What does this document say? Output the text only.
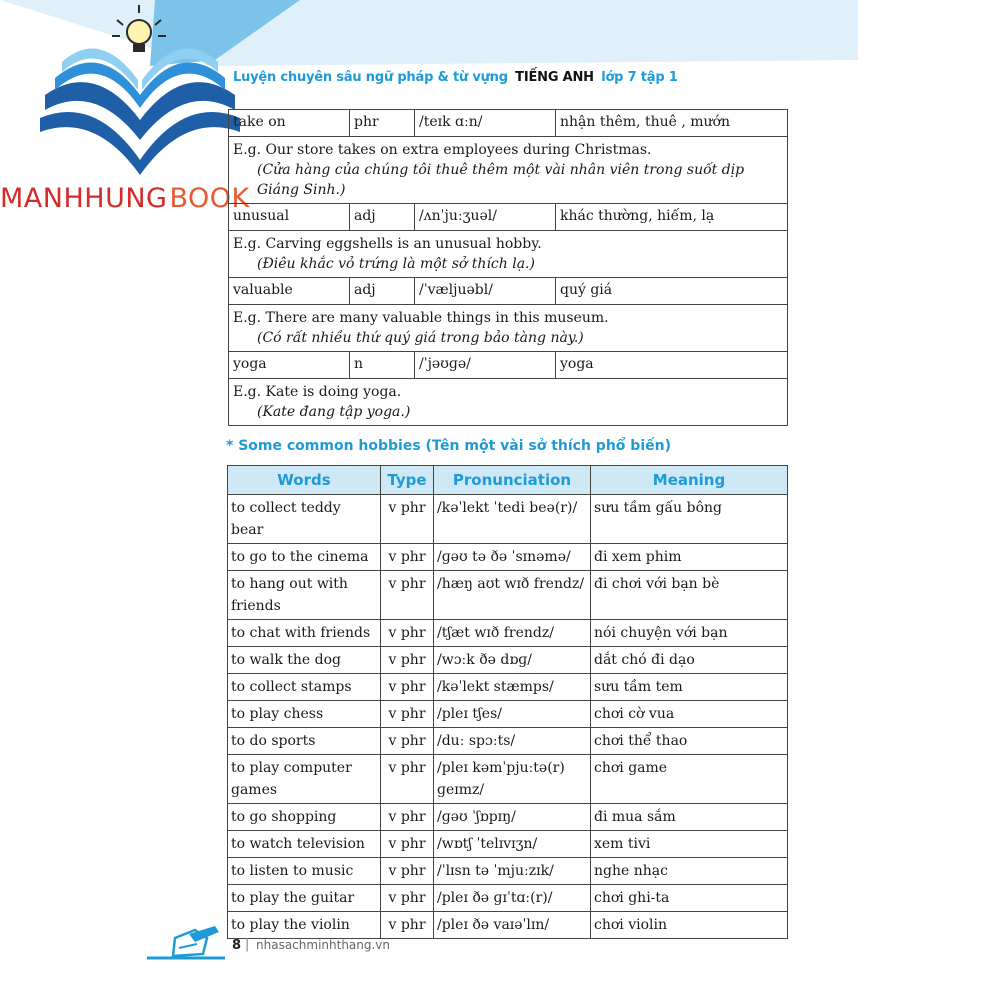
MANHHUNGBOOK
Luyện chuyên sâu ngữ pháp & từ vựng TIẾNG ANH lớp 7 tập 1
take on	phr	/teɪk ɑːn/	nhận thêm, thuê , mướn
E.g. Our store takes on extra employees during Christmas.
(Cửa hàng của chúng tôi thuê thêm một vài nhân viên trong suốt dịp Giáng Sinh.)			

unusual	adj	/ʌnˈjuːʒuəl/	khác thường, hiếm, lạ
E.g. Carving eggshells is an unusual hobby.
(Điêu khắc vỏ trứng là một sở thích lạ.)			

valuable	adj	/ˈvæljuəbl/	quý giá
E.g. There are many valuable things in this museum.
(Có rất nhiều thứ quý giá trong bảo tàng này.)			

yoga	n	/ˈjəʊɡə/	yoga
E.g. Kate is doing yoga.
(Kate đang tập yoga.)			
* Some common hobbies (Tên một vài sở thích phổ biến)
Words	Type	Pronunciation	Meaning
to collect teddy bear	v phr	/kəˈlekt ˈtedi beə(r)/	sưu tầm gấu bông
to go to the cinema	v phr	/ɡəʊ tə ðə ˈsɪnəmə/	đi xem phim
to hang out with friends	v phr	/hæŋ aʊt wɪð frendz/	đi chơi với bạn bè
to chat with friends	v phr	/tʃæt wɪð frendz/	nói chuyện với bạn
to walk the dog	v phr	/wɔːk ðə dɒɡ/	dắt chó đi dạo
to collect stamps	v phr	/kəˈlekt stæmps/	sưu tầm tem
to play chess	v phr	/pleɪ tʃes/	chơi cờ vua
to do sports	v phr	/duː spɔːts/	chơi thể thao
to play computer games	v phr	/pleɪ kəmˈpjuːtə(r) ɡeɪmz/	chơi game
to go shopping	v phr	/ɡəʊ ˈʃɒpɪŋ/	đi mua sắm
to watch television	v phr	/wɒtʃ ˈtelɪvɪʒn/	xem tivi
to listen to music	v phr	/ˈlɪsn tə ˈmjuːzɪk/	nghe nhạc
to play the guitar	v phr	/pleɪ ðə ɡɪˈtɑː(r)/	chơi ghi-ta
to play the violin	v phr	/pleɪ ðə vaɪəˈlɪn/	chơi violin
8 | nhasachminhthang.vn
